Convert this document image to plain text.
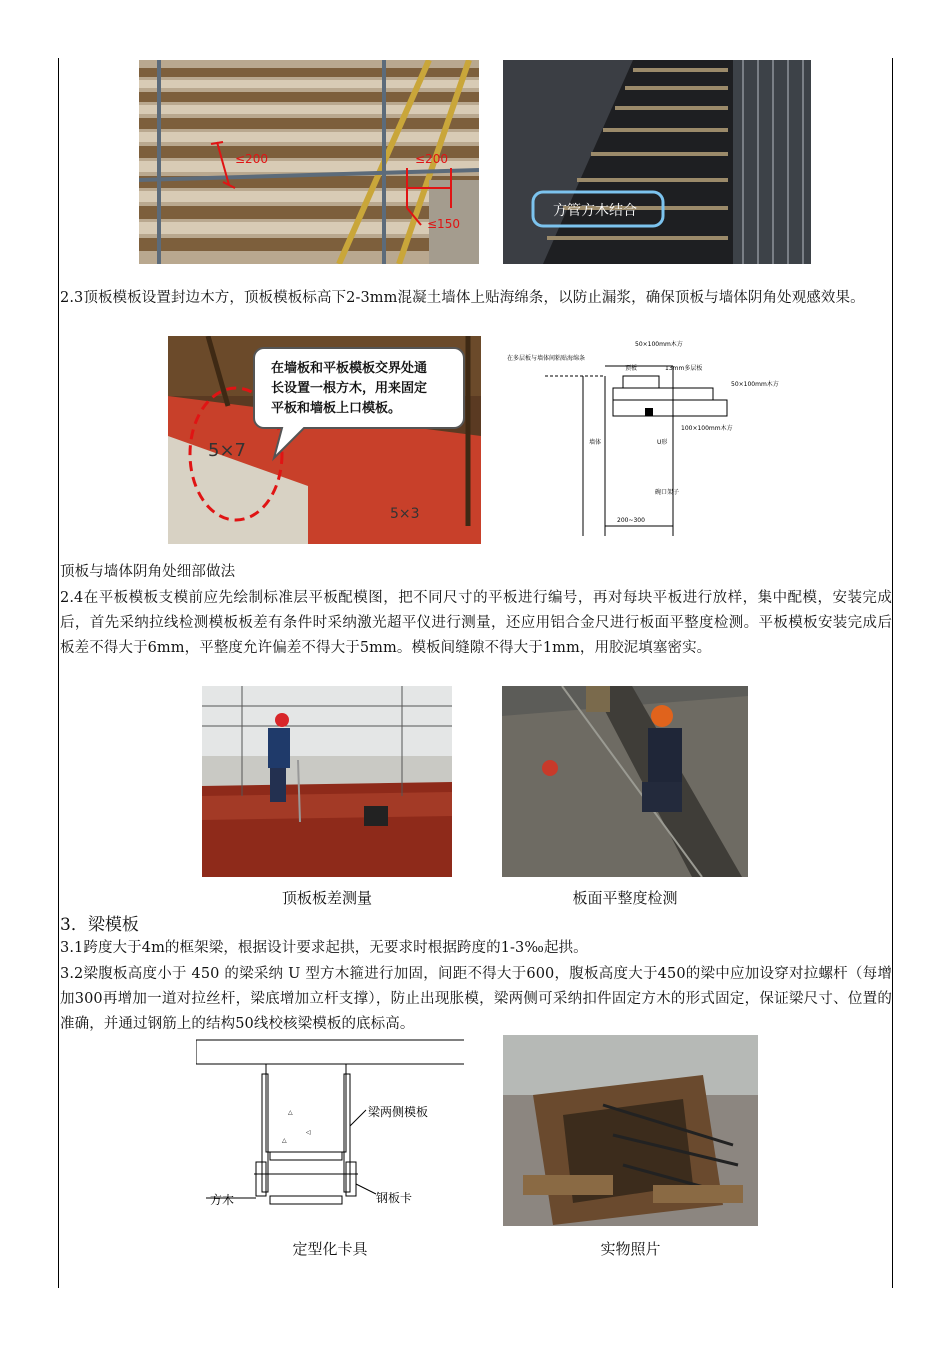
≤200	≤200
≤150
方管方木结合
2.3顶板模板设置封边木方，顶板模板标高下2-3mm混凝土墙体上贴海绵条，以防止漏浆，确保顶板与墙体阴角处观感效果。
5×7
5×3
在墙板和平板模板交界处通
长设置一根方木，用来固定
平板和墙板上口模板。
50×100mm木方
在多层板与墙体间粘贴海绵条
顶板	13mm多层板
50×100mm木方
墙体
100×100mm木方
U形
碗口架子
200~300
顶板与墙体阴角处细部做法
2.4在平板模板支模前应先绘制标准层平板配模图，把不同尺寸的平板进行编号，再对每块平板进行放样，集中配模，安装完成后，首先采纳拉线检测模板板差有条件时采纳激光超平仪进行测量，还应用铝合金尺进行板面平整度检测。平板模板安装完成后板差不得大于6mm，平整度允许偏差不得大于5mm。模板间缝隙不得大于1mm，用胶泥填塞密实。
顶板板差测量	板面平整度检测
3．梁模板
3.1跨度大于4m的框架梁，根据设计要求起拱，无要求时根据跨度的1-3‰起拱。
3.2梁腹板高度小于 450 的梁采纳 U 型方木箍进行加固，间距不得大于600，腹板高度大于450的梁中应加设穿对拉螺杆（每增加300再增加一道对拉丝杆，梁底增加立杆支撑），防止出现胀模，梁两侧可采纳扣件固定方木的形式固定，保证梁尺寸、位置的准确，并通过钢筋上的结构50线校核梁模板的底标高。
△
◁
△
梁两侧模板
方木	钢板卡
定型化卡具	实物照片
